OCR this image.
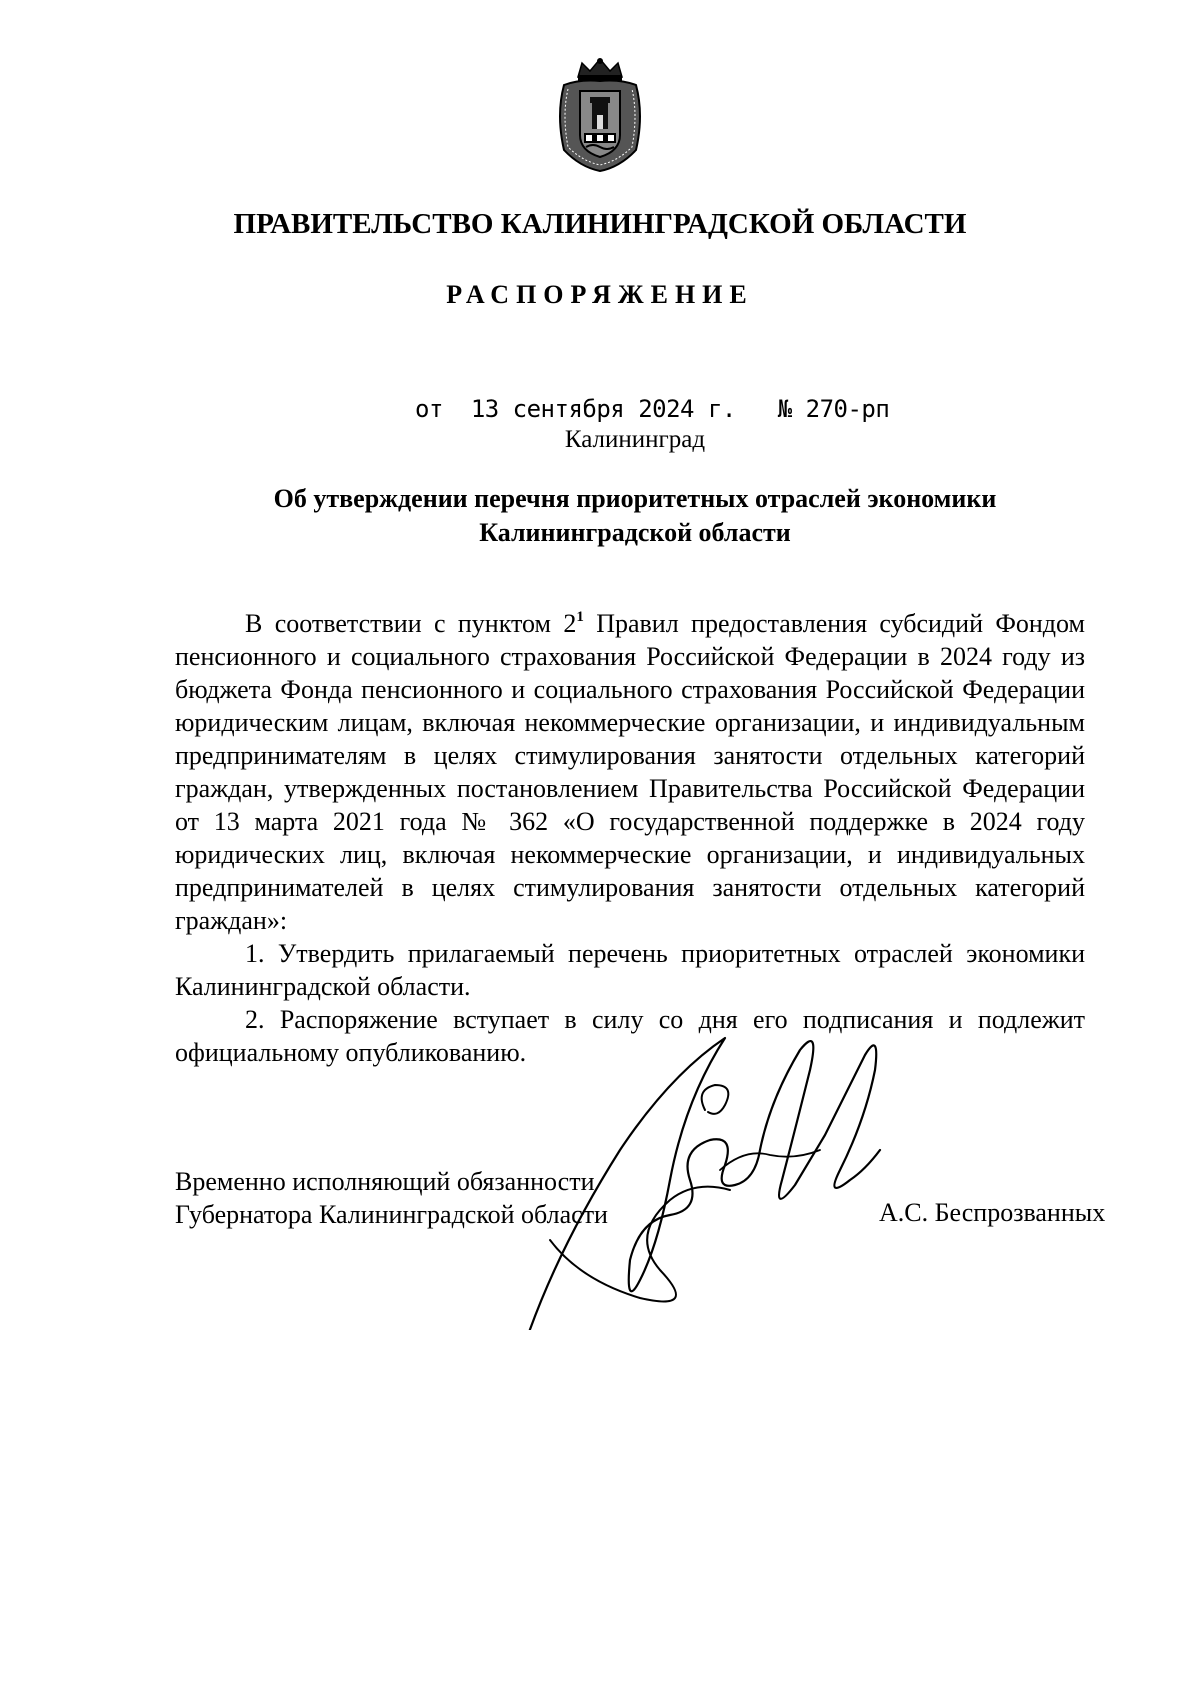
ПРАВИТЕЛЬСТВО КАЛИНИНГРАДСКОЙ ОБЛАСТИ
РАСПОРЯЖЕНИЕ
от 13 сентября 2024 г. № 270-рп
Калининград
Об утверждении перечня приоритетных отраслей экономики
Калининградской области

В соответствии с пунктом $2^1$ Правил предоставления субсидий Фондом пенсионного и социального страхования Российской Федерации в 2024 году из бюджета Фонда пенсионного и социального страхования Российской Федерации юридическим лицам, включая некоммерческие организации, и индивидуальным предпринимателям в целях стимулирования занятости отдельных категорий граждан, утвержденных постановлением Правительства Российской Федерации от 13 марта 2021 года № 362 «О государственной поддержке в 2024 году юридических лиц, включая некоммерческие организации, и индивидуальных предпринимателей в целях стимулирования занятости отдельных категорий граждан»:

1. Утвердить прилагаемый перечень приоритетных отраслей экономики Калининградской области.

2. Распоряжение вступает в силу со дня его подписания и подлежит официальному опубликованию.

Временно исполняющий обязанности
Губернатора Калининградской области	А.С. Беспрозванных
